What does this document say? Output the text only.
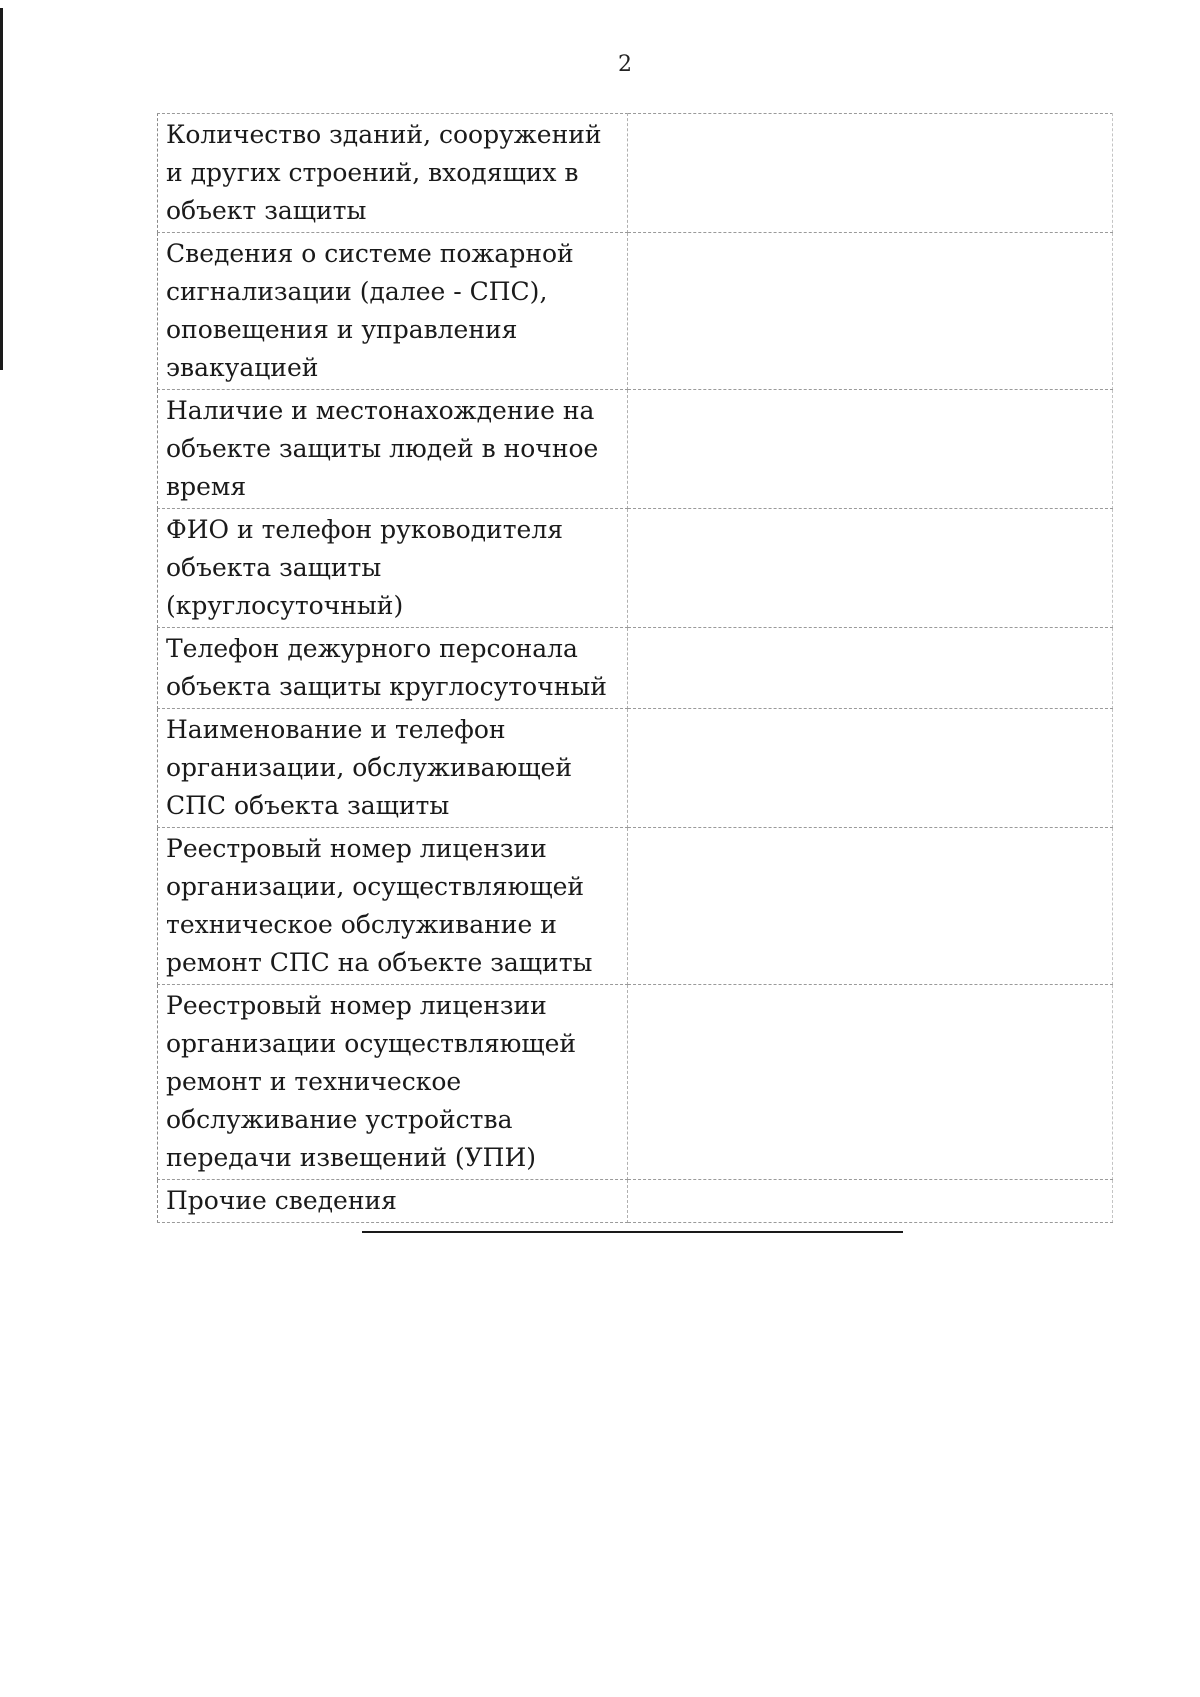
2
Количество зданий, сооружений и других строений, входящих в объект защиты	
Сведения о системе пожарной сигнализации (далее - СПС), оповещения и управления эвакуацией	
Наличие и местонахождение на объекте защиты людей в ночное время	
ФИО и телефон руководителя объекта защиты (круглосуточный)	
Телефон дежурного персонала объекта защиты круглосуточный	
Наименование и телефон организации, обслуживающей СПС объекта защиты	
Реестровый номер лицензии организации, осуществляющей техническое обслуживание и ремонт СПС на объекте защиты	
Реестровый номер лицензии организации осуществляющей ремонт и техническое обслуживание устройства передачи извещений (УПИ)	
Прочие сведения	
